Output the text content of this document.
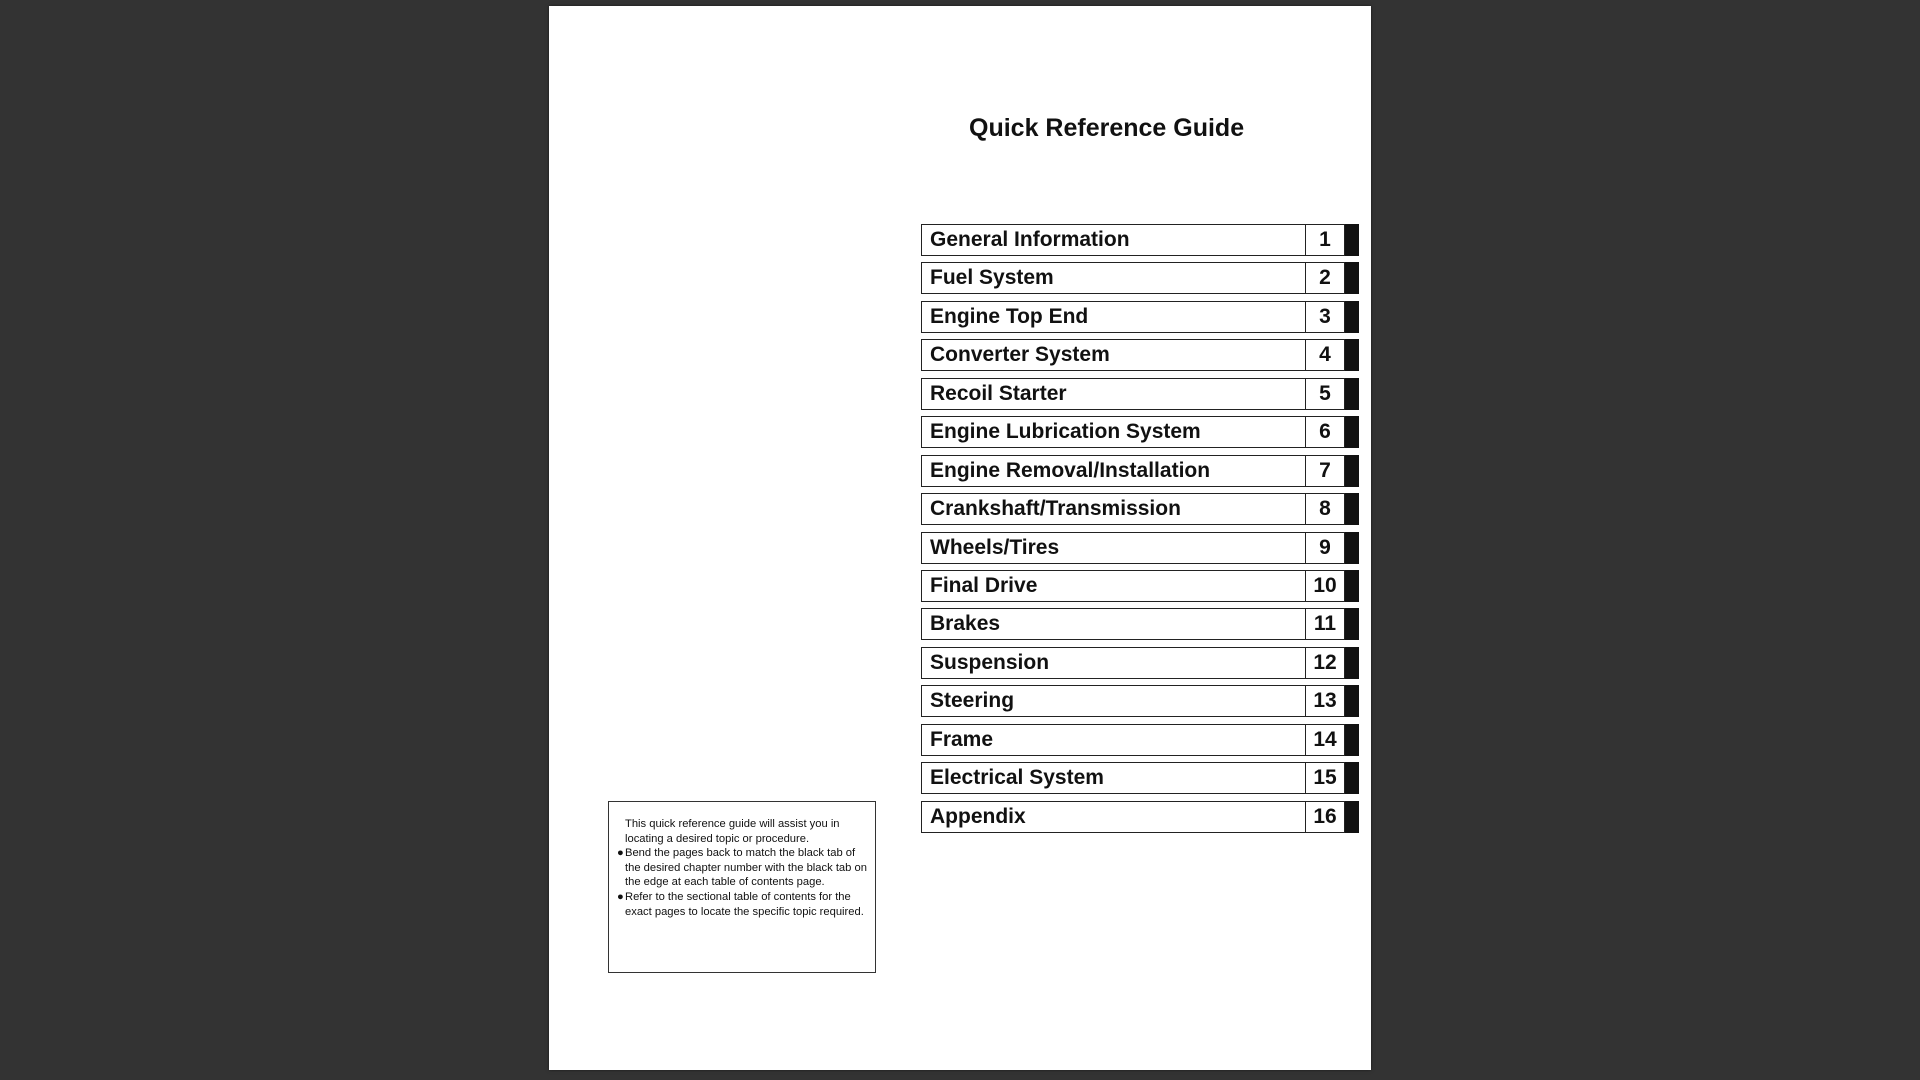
Quick Reference Guide
General Information	1
Fuel System	2
Engine Top End	3
Converter System	4
Recoil Starter	5
Engine Lubrication System	6
Engine Removal/Installation	7
Crankshaft/Transmission	8
Wheels/Tires	9
Final Drive	10
Brakes	11
Suspension	12
Steering	13
Frame	14
Electrical System	15
Appendix	16
This quick reference guide will assist you in locating a desired topic or procedure.
● Bend the pages back to match the black tab of the desired chapter number with the black tab on the edge at each table of contents page.
● Refer to the sectional table of contents for the exact pages to locate the specific topic required.
